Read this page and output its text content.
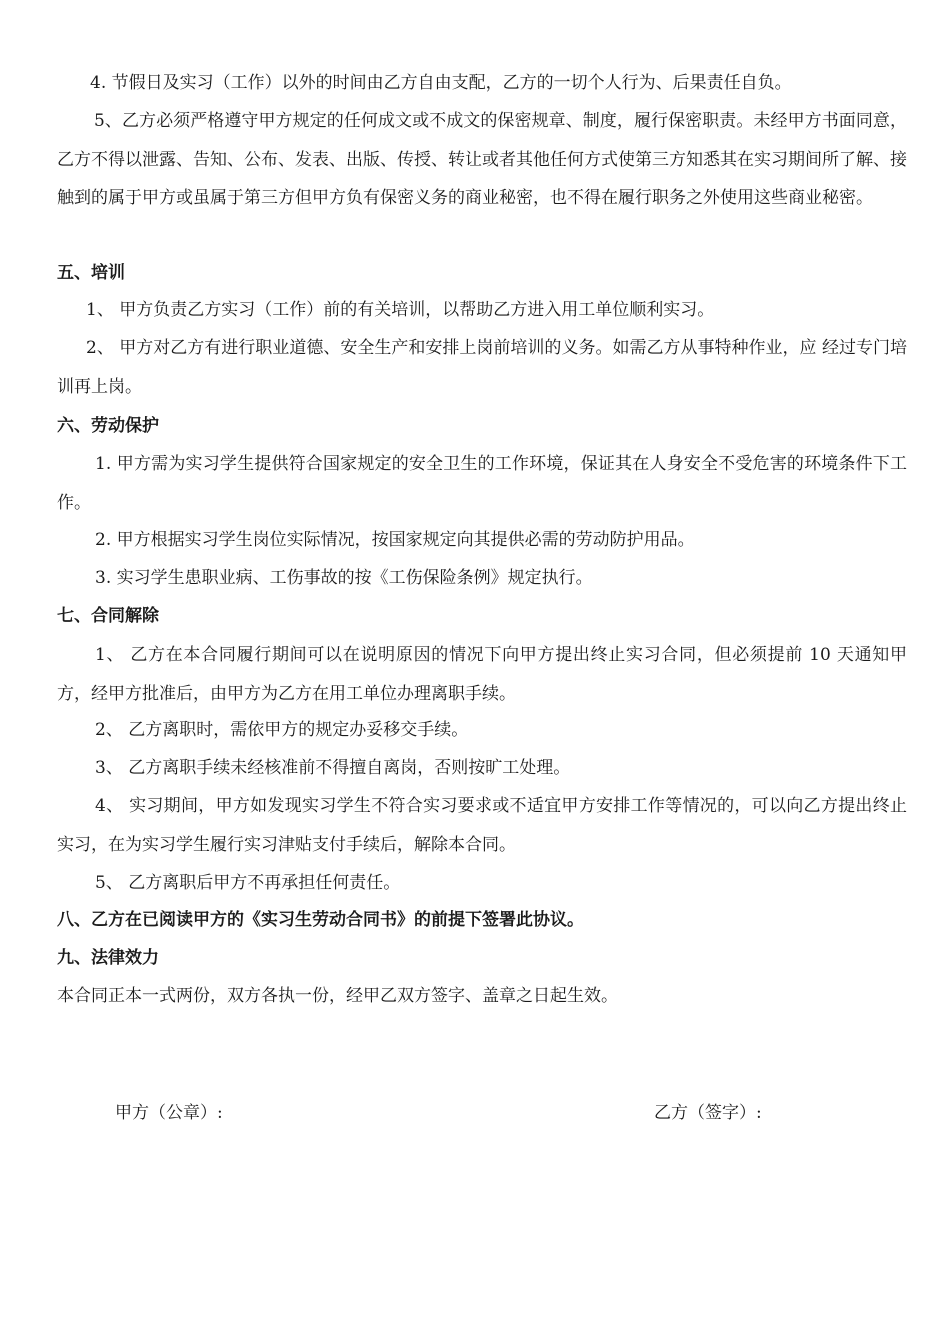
4. 节假日及实习（工作）以外的时间由乙方自由支配，乙方的一切个人行为、后果责任自负。

5、乙方必须严格遵守甲方规定的任何成文或不成文的保密规章、制度，履行保密职责。未经甲方书面同意，乙方不得以泄露、告知、公布、发表、出版、传授、转让或者其他任何方式使第三方知悉其在实习期间所了解、接触到的属于甲方或虽属于第三方但甲方负有保密义务的商业秘密，也不得在履行职务之外使用这些商业秘密。

五、培训

1、 甲方负责乙方实习（工作）前的有关培训，以帮助乙方进入用工单位顺利实习。

2、 甲方对乙方有进行职业道德、安全生产和安排上岗前培训的义务。如需乙方从事特种作业，应 经过专门培训再上岗。

六、劳动保护

1. 甲方需为实习学生提供符合国家规定的安全卫生的工作环境，保证其在人身安全不受危害的环境条件下工作。

2. 甲方根据实习学生岗位实际情况，按国家规定向其提供必需的劳动防护用品。

3. 实习学生患职业病、工伤事故的按《工伤保险条例》规定执行。

七、合同解除

1、 乙方在本合同履行期间可以在说明原因的情况下向甲方提出终止实习合同，但必须提前 10 天通知甲方，经甲方批准后，由甲方为乙方在用工单位办理离职手续。

2、 乙方离职时，需依甲方的规定办妥移交手续。

3、 乙方离职手续未经核准前不得擅自离岗，否则按旷工处理。

4、 实习期间，甲方如发现实习学生不符合实习要求或不适宜甲方安排工作等情况的，可以向乙方提出终止实习，在为实习学生履行实习津贴支付手续后，解除本合同。

5、 乙方离职后甲方不再承担任何责任。

八、乙方在已阅读甲方的《实习生劳动合同书》的前提下签署此协议。

九、法律效力

本合同正本一式两份，双方各执一份，经甲乙双方签字、盖章之日起生效。

甲方（公章）:	乙方（签字）:
